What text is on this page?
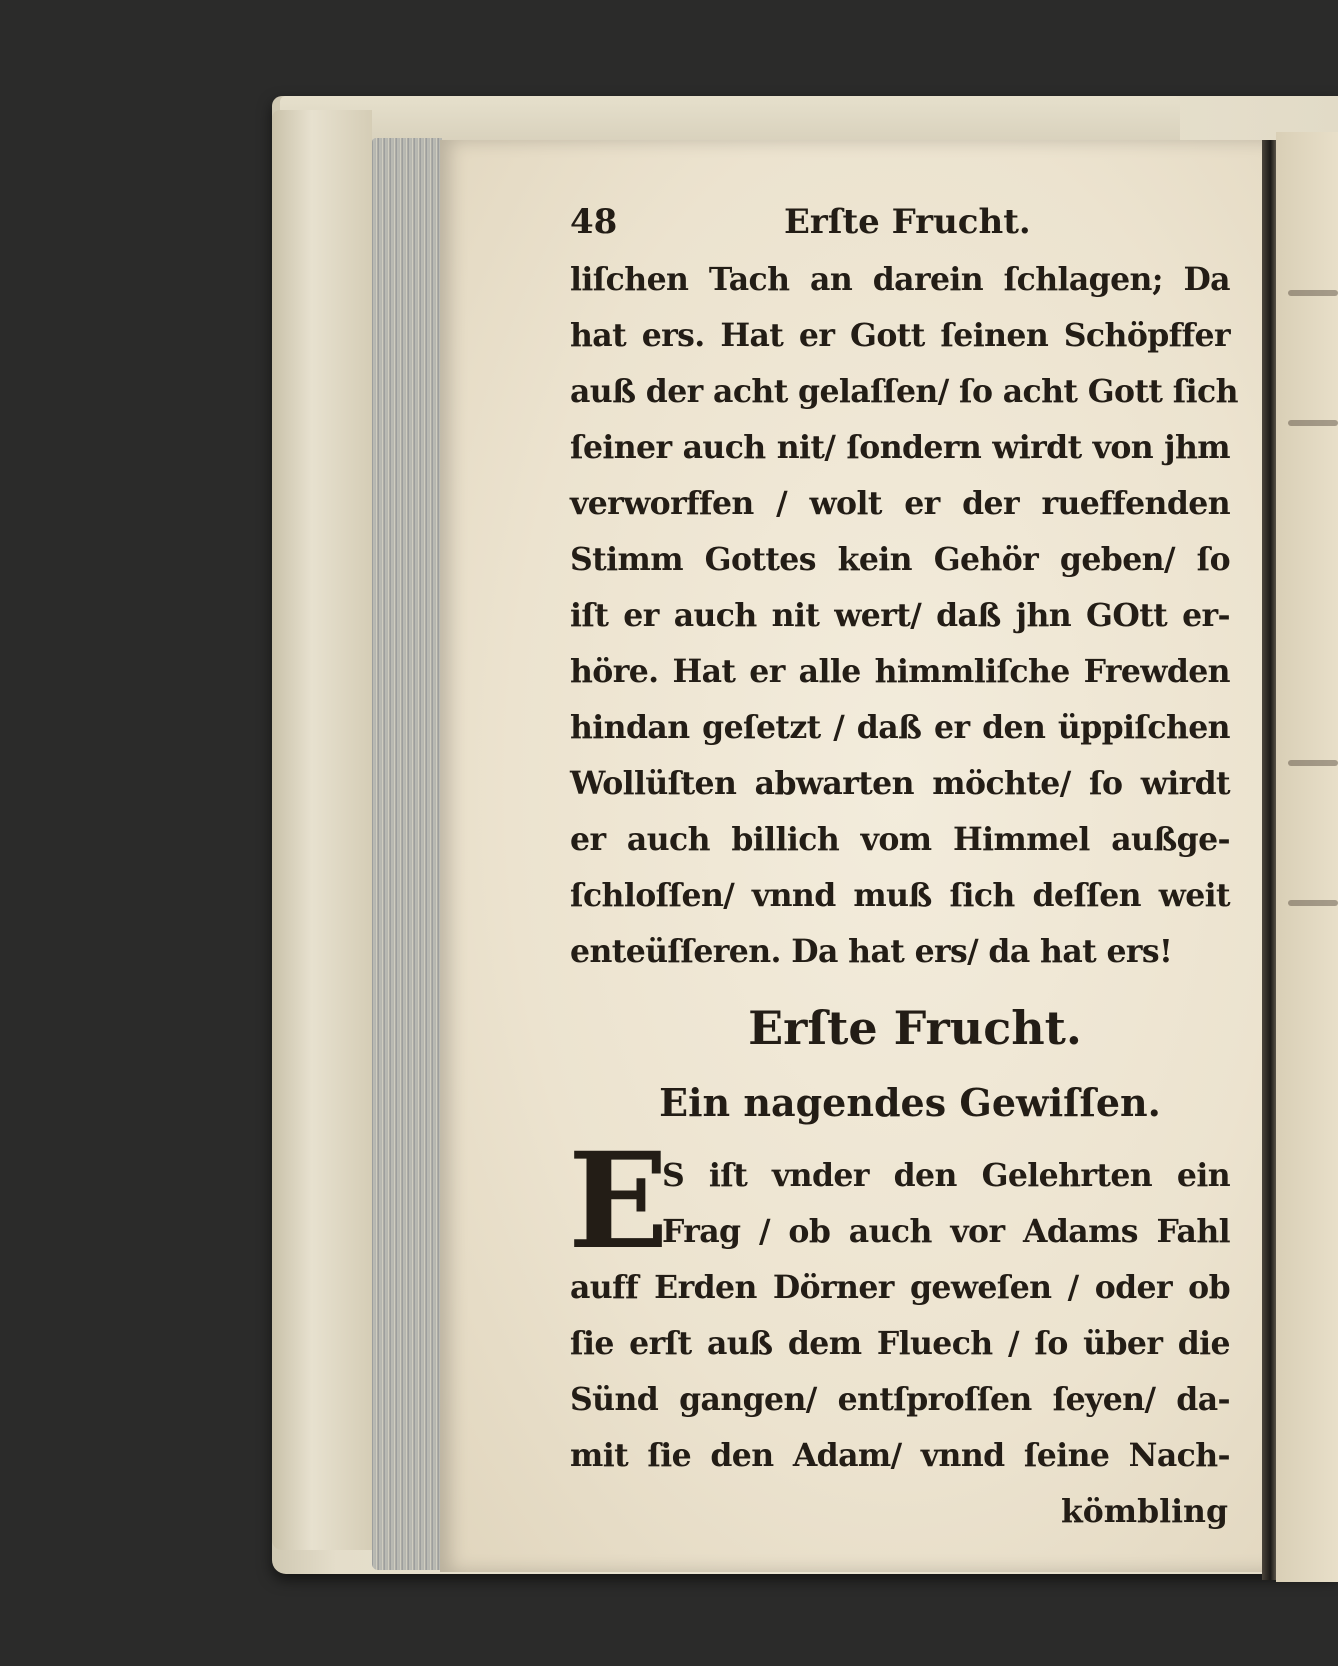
48	Erſte Frucht.
liſchen Tach an darein ſchlagen; Da
hat ers. Hat er Gott ſeinen Schöpffer
auß der acht gelaſſen/ ſo acht Gott ſich
ſeiner auch nit/ ſondern wirdt von jhm
verworffen / wolt er der rueffenden
Stimm Gottes kein Gehör geben/ ſo
iſt er auch nit wert/ daß jhn GOtt er-
höre. Hat er alle himmliſche Frewden
hindan geſetzt / daß er den üppiſchen
Wollüſten abwarten möchte/ ſo wirdt
er auch billich vom Himmel außge-
ſchloſſen/ vnnd muß ſich deſſen weit
enteüſſeren. Da hat ers/ da hat ers!
Erſte Frucht.
Ein nagendes Gewiſſen.
E
S iſt vnder den Gelehrten ein
Frag / ob auch vor Adams Fahl
auff Erden Dörner geweſen / oder ob
ſie erſt auß dem Fluech / ſo über die
Sünd gangen/ entſproſſen ſeyen/ da-
mit ſie den Adam/ vnnd ſeine Nach-
kömbling
